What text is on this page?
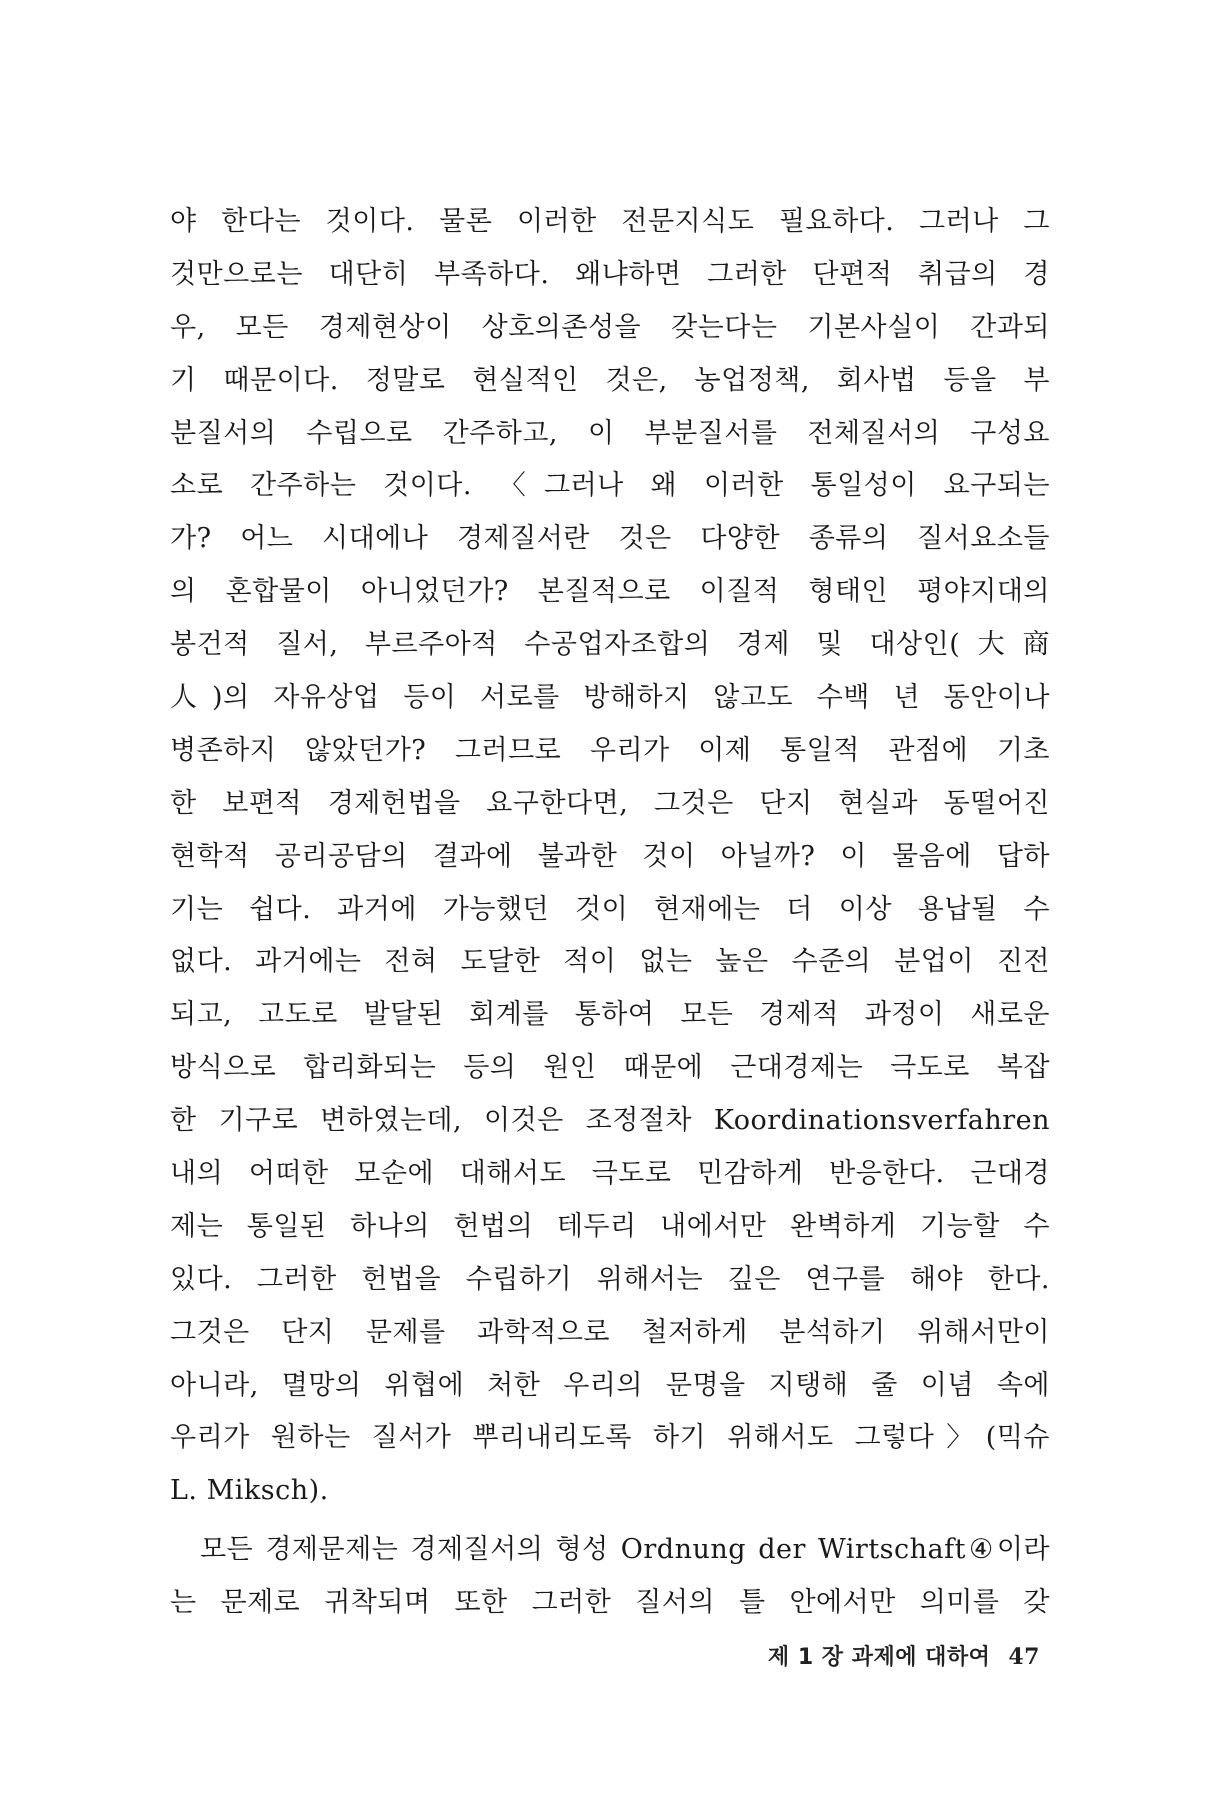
야 한다는 것이다. 물론 이러한 전문지식도 필요하다. 그러나 그
것만으로는 대단히 부족하다. 왜냐하면 그러한 단편적 취급의 경
우, 모든 경제현상이 상호의존성을 갖는다는 기본사실이 간과되
기 때문이다. 정말로 현실적인 것은, 농업정책, 회사법 등을 부
분질서의 수립으로 간주하고, 이 부분질서를 전체질서의 구성요
소로 간주하는 것이다. 〈그러나 왜 이러한 통일성이 요구되는
가? 어느 시대에나 경제질서란 것은 다양한 종류의 질서요소들
의 혼합물이 아니었던가? 본질적으로 이질적 형태인 평야지대의
봉건적 질서, 부르주아적 수공업자조합의 경제 및 대상인(大商
人)의 자유상업 등이 서로를 방해하지 않고도 수백 년 동안이나
병존하지 않았던가? 그러므로 우리가 이제 통일적 관점에 기초
한 보편적 경제헌법을 요구한다면, 그것은 단지 현실과 동떨어진
현학적 공리공담의 결과에 불과한 것이 아닐까? 이 물음에 답하
기는 쉽다. 과거에 가능했던 것이 현재에는 더 이상 용납될 수
없다. 과거에는 전혀 도달한 적이 없는 높은 수준의 분업이 진전
되고, 고도로 발달된 회계를 통하여 모든 경제적 과정이 새로운
방식으로 합리화되는 등의 원인 때문에 근대경제는 극도로 복잡
한 기구로 변하였는데, 이것은 조정절차 Koordinationsverfahren
내의 어떠한 모순에 대해서도 극도로 민감하게 반응한다. 근대경
제는 통일된 하나의 헌법의 테두리 내에서만 완벽하게 기능할 수
있다. 그러한 헌법을 수립하기 위해서는 깊은 연구를 해야 한다.
그것은 단지 문제를 과학적으로 철저하게 분석하기 위해서만이
아니라, 멸망의 위협에 처한 우리의 문명을 지탱해 줄 이념 속에
우리가 원하는 질서가 뿌리내리도록 하기 위해서도 그렇다〉(믹슈
L. Miksch).
모든 경제문제는 경제질서의 형성 Ordnung der Wirtschaft④이라
는 문제로 귀착되며 또한 그러한 질서의 틀 안에서만 의미를 갖
제 1 장 과제에 대하여 47
